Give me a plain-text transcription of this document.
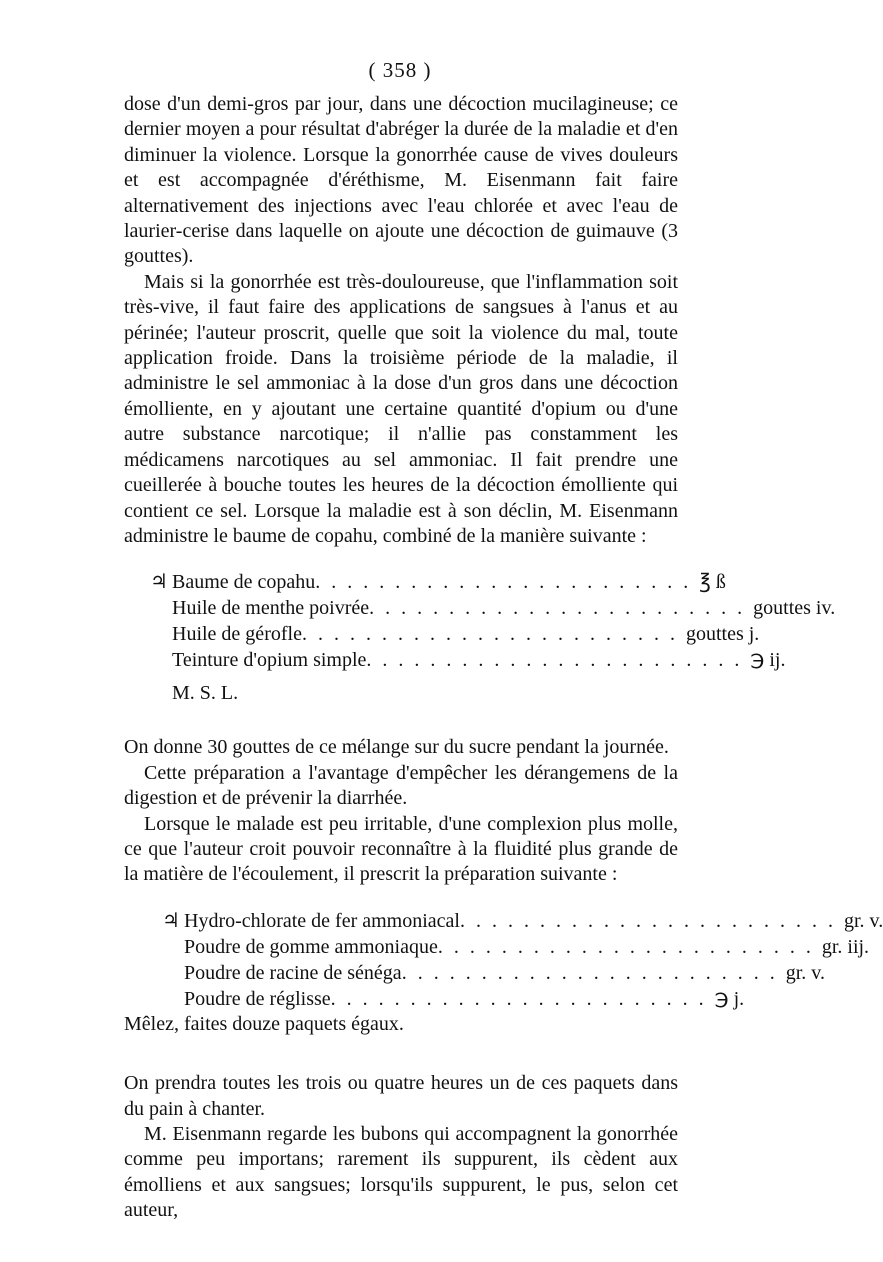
( 358 )

dose d'un demi-gros par jour, dans une décoction mucilagineuse; ce dernier moyen a pour résultat d'abréger la durée de la maladie et d'en diminuer la violence. Lorsque la gonorrhée cause de vives douleurs et est accompagnée d'éréthisme, M. Eisenmann fait faire alternativement des injections avec l'eau chlorée et avec l'eau de laurier-cerise dans laquelle on ajoute une décoction de guimauve (3 gouttes).

Mais si la gonorrhée est très-douloureuse, que l'inflammation soit très-vive, il faut faire des applications de sangsues à l'anus et au périnée; l'auteur proscrit, quelle que soit la violence du mal, toute application froide. Dans la troisième période de la maladie, il administre le sel ammoniac à la dose d'un gros dans une décoction émolliente, en y ajoutant une certaine quantité d'opium ou d'une autre substance narcotique; il n'allie pas constamment les médicamens narcotiques au sel ammoniac. Il fait prendre une cueillerée à bouche toutes les heures de la décoction émolliente qui contient ce sel. Lorsque la maladie est à son déclin, M. Eisenmann administre le baume de copahu, combiné de la manière suivante :

♃ Baume de copahu . . . . . . . . . . . . . . . . . . . . . . . . ℥ ß
Huile de menthe poivrée . . . . . . . . . . . . . . . . . . . . . . . . gouttes iv.
Huile de gérofle . . . . . . . . . . . . . . . . . . . . . . . . gouttes j.
Teinture d'opium simple . . . . . . . . . . . . . . . . . . . . . . . . ℈ ij.
M. S. L.

On donne 30 gouttes de ce mélange sur du sucre pendant la journée.

Cette préparation a l'avantage d'empêcher les dérangemens de la digestion et de prévenir la diarrhée.

Lorsque le malade est peu irritable, d'une complexion plus molle, ce que l'auteur croit pouvoir reconnaître à la fluidité plus grande de la matière de l'écoulement, il prescrit la préparation suivante :

♃ Hydro-chlorate de fer ammoniacal . . . . . . . . . . . . . . . . . . . . . . . . gr. v.
Poudre de gomme ammoniaque . . . . . . . . . . . . . . . . . . . . . . . . gr. iij.
Poudre de racine de sénéga . . . . . . . . . . . . . . . . . . . . . . . . gr. v.
Poudre de réglisse . . . . . . . . . . . . . . . . . . . . . . . . ℈ j.

Mêlez, faites douze paquets égaux.

On prendra toutes les trois ou quatre heures un de ces paquets dans du pain à chanter.

M. Eisenmann regarde les bubons qui accompagnent la gonorrhée comme peu importans; rarement ils suppurent, ils cèdent aux émolliens et aux sangsues; lorsqu'ils suppurent, le pus, selon cet auteur,
